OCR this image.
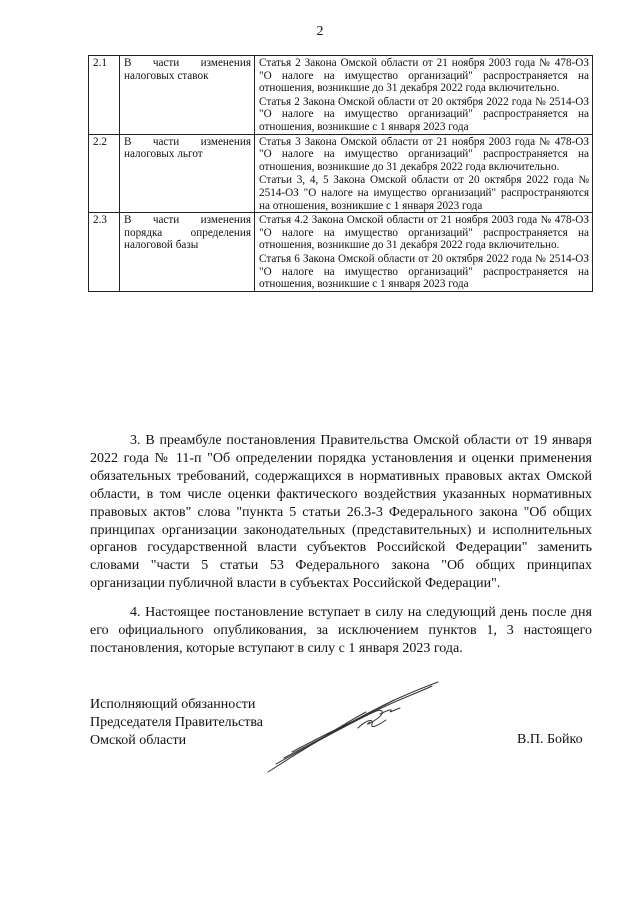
2
2.1	В части изменения налоговых ставок	Статья 2 Закона Омской области от 21 ноября 2003 года № 478-ОЗ "О налоге на имущество организаций" распространяется на отношения, возникшие до 31 декабря 2022 года включительно.

Статья 2 Закона Омской области от 20 октября 2022 года № 2514-ОЗ "О налоге на имущество организаций" распространяется на отношения, возникшие с 1 января 2023 года

2.2	В части изменения налоговых льгот	Статья 3 Закона Омской области от 21 ноября 2003 года № 478-ОЗ "О налоге на имущество организаций" распространяется на отношения, возникшие до 31 декабря 2022 года включительно.

Статьи 3, 4, 5 Закона Омской области от 20 октября 2022 года № 2514-ОЗ "О налоге на имущество организаций" распространяются на отношения, возникшие с 1 января 2023 года

2.3	В части изменения порядка определения налоговой базы	Статья 4.2 Закона Омской области от 21 ноября 2003 года № 478-ОЗ "О налоге на имущество организаций" распространяется на отношения, возникшие до 31 декабря 2022 года включительно.

Статья 6 Закона Омской области от 20 октября 2022 года № 2514-ОЗ "О налоге на имущество организаций" распространяется на отношения, возникшие с 1 января 2023 года

3. В преамбуле постановления Правительства Омской области от 19 января 2022 года № 11-п "Об определении порядка установления и оценки применения обязательных требований, содержащихся в нормативных правовых актах Омской области, в том числе оценки фактического воздействия указанных нормативных правовых актов" слова "пункта 5 статьи 26.3-3 Федерального закона "Об общих принципах организации законодательных (представительных) и исполнительных органов государственной власти субъектов Российской Федерации" заменить словами "части 5 статьи 53 Федерального закона "Об общих принципах организации публичной власти в субъектах Российской Федерации".

4. Настоящее постановление вступает в силу на следующий день после дня его официального опубликования, за исключением пунктов 1, 3 настоящего постановления, которые вступают в силу с 1 января 2023 года.

Исполняющий обязанности
Председателя Правительства
Омской области	В.П. Бойко
